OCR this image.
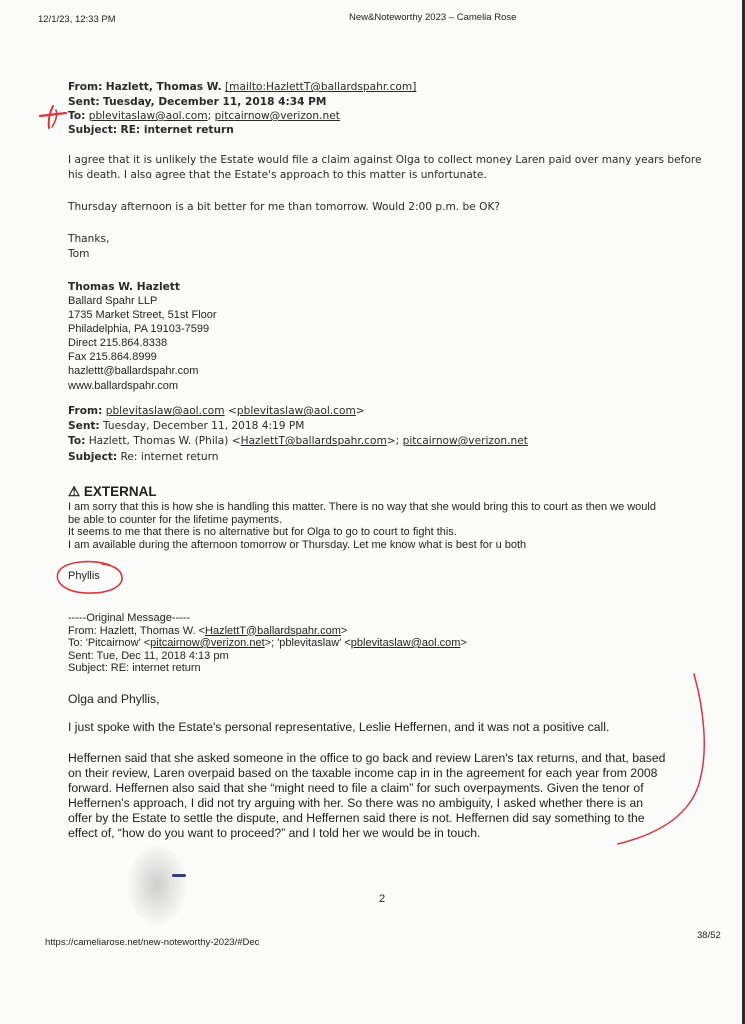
12/1/23, 12:33 PM	New&Noteworthy 2023 – Camelia Rose
From: Hazlett, Thomas W. [mailto:HazlettT@ballardspahr.com]
Sent: Tuesday, December 11, 2018 4:34 PM
To: pblevitaslaw@aol.com; pitcairnow@verizon.net
Subject: RE: internet return
I agree that it is unlikely the Estate would file a claim against Olga to collect money Laren paid over many years before
his death. I also agree that the Estate's approach to this matter is unfortunate.
Thursday afternoon is a bit better for me than tomorrow. Would 2:00 p.m. be OK?
Thanks,
Tom
Thomas W. Hazlett
Ballard Spahr LLP
1735 Market Street, 51st Floor
Philadelphia, PA 19103-7599
Direct 215.864.8338
Fax 215.864.8999
hazlettt@ballardspahr.com
www.ballardspahr.com
From: pblevitaslaw@aol.com <pblevitaslaw@aol.com>
Sent: Tuesday, December 11, 2018 4:19 PM
To: Hazlett, Thomas W. (Phila) <HazlettT@ballardspahr.com>; pitcairnow@verizon.net
Subject: Re: internet return
⚠ EXTERNAL
I am sorry that this is how she is handling this matter. There is no way that she would bring this to court as then we would
be able to counter for the lifetime payments.
It seems to me that there is no alternative but for Olga to go to court to fight this.
I am available during the afternoon tomorrow or Thursday. Let me know what is best for u both
Phyllis
-----Original Message-----
From: Hazlett, Thomas W. <HazlettT@ballardspahr.com>
To: 'Pitcairnow' <pitcairnow@verizon.net>; 'pblevitaslaw' <pblevitaslaw@aol.com>
Sent: Tue, Dec 11, 2018 4:13 pm
Subject: RE: internet return
Olga and Phyllis,
I just spoke with the Estate's personal representative, Leslie Heffernen, and it was not a positive call.
Heffernen said that she asked someone in the office to go back and review Laren's tax returns, and that, based
on their review, Laren overpaid based on the taxable income cap in in the agreement for each year from 2008
forward. Heffernen also said that she “might need to file a claim” for such overpayments. Given the tenor of
Heffernen's approach, I did not try arguing with her. So there was no ambiguity, I asked whether there is an
offer by the Estate to settle the dispute, and Heffernen said there is not. Heffernen did say something to the
effect of, “how do you want to proceed?” and I told her we would be in touch.
2
https://cameliarose.net/new-noteworthy-2023/#Dec
38/52
